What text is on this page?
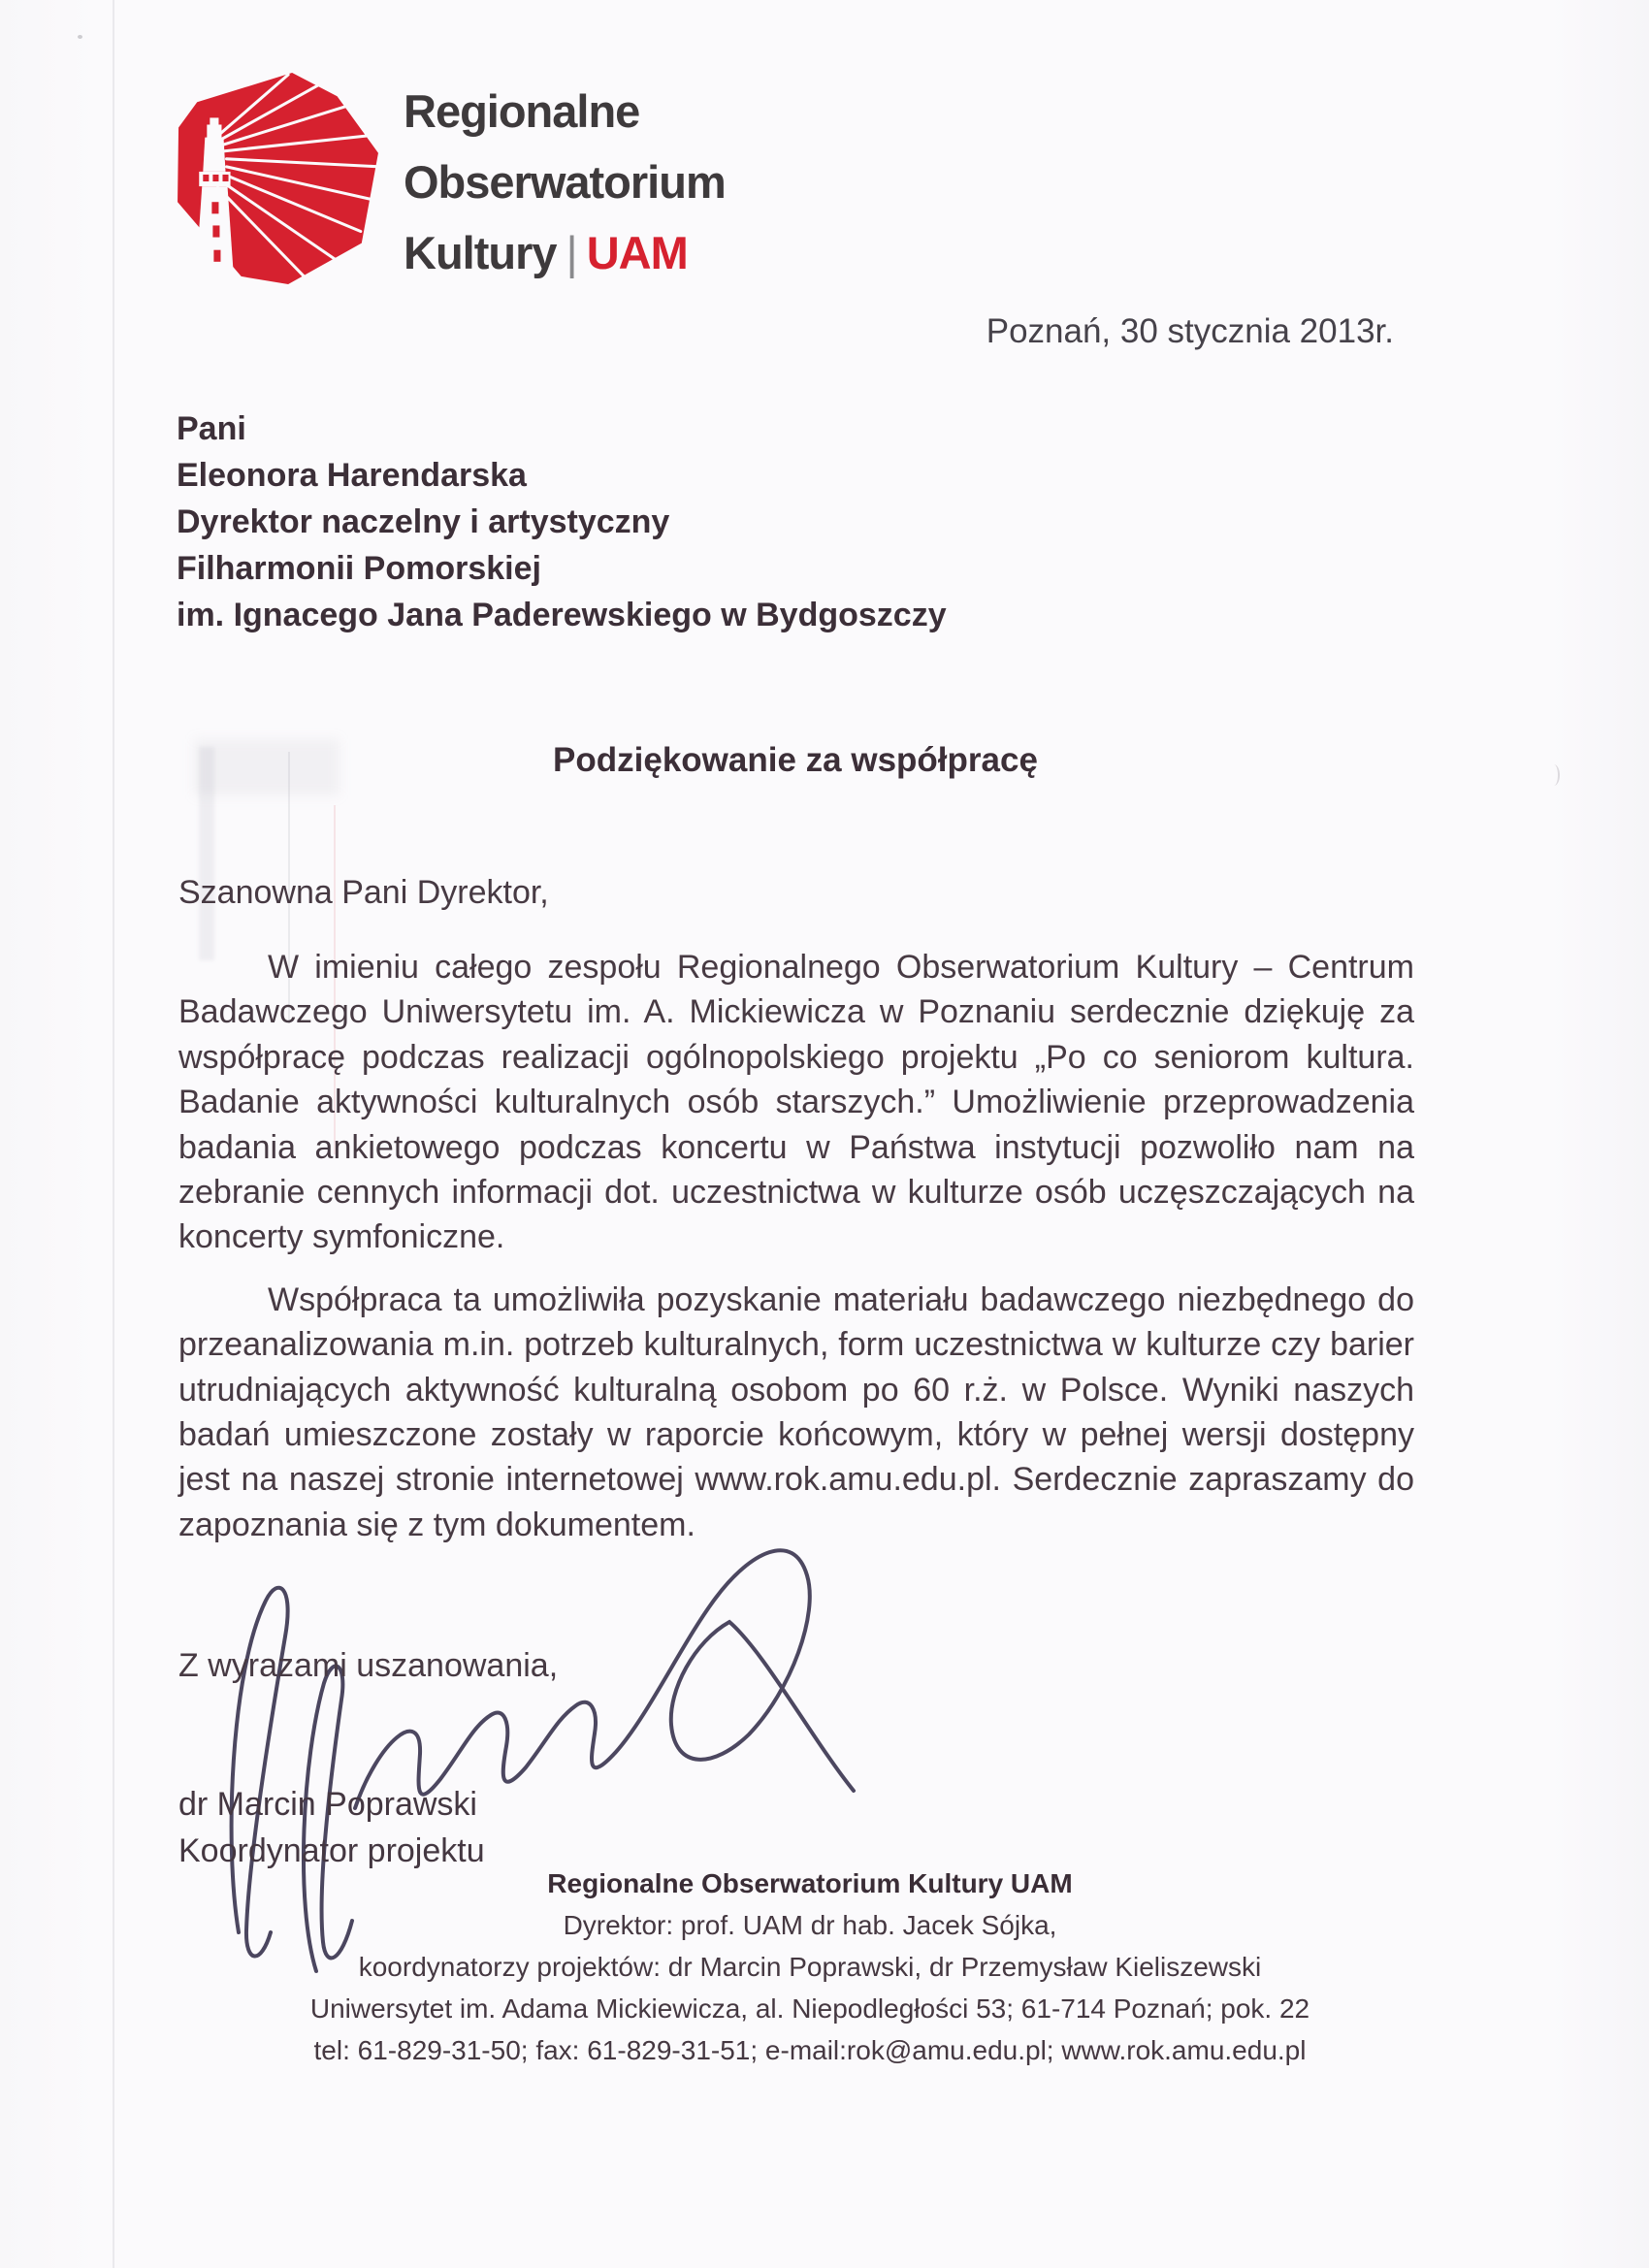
Regionalne
Obserwatorium
Kultury | UAM
Poznań, 30 stycznia 2013r.
Pani
Eleonora Harendarska
Dyrektor naczelny i artystyczny
Filharmonii Pomorskiej
im. Ignacego Jana Paderewskiego w Bydgoszczy
Podziękowanie za współpracę
Szanowna Pani Dyrektor,

W imieniu całego zespołu Regionalnego Obserwatorium Kultury – Centrum Badawczego Uniwersytetu im. A. Mickiewicza w Poznaniu serdecznie dziękuję za współpracę podczas realizacji ogólnopolskiego projektu „Po co seniorom kultura. Badanie aktywności kulturalnych osób starszych.” Umożliwienie przeprowadzenia badania ankietowego podczas koncertu w Państwa instytucji pozwoliło nam na zebranie cennych informacji dot. uczestnictwa w kulturze osób uczęszczających na koncerty symfoniczne.

Współpraca ta umożliwiła pozyskanie materiału badawczego niezbędnego do przeanalizowania m.in. potrzeb kulturalnych, form uczestnictwa w kulturze czy barier utrudniających aktywność kulturalną osobom po 60 r.ż. w Polsce. Wyniki naszych badań umieszczone zostały w raporcie końcowym, który w pełnej wersji dostępny jest na naszej stronie internetowej www.rok.amu.edu.pl. Serdecznie zapraszamy do zapoznania się z tym dokumentem.

Z wyrazami uszanowania,
dr Marcin Poprawski
Koordynator projektu
Regionalne Obserwatorium Kultury UAM
Dyrektor: prof. UAM dr hab. Jacek Sójka,
koordynatorzy projektów: dr Marcin Poprawski, dr Przemysław Kieliszewski
Uniwersytet im. Adama Mickiewicza, al. Niepodległości 53; 61-714 Poznań; pok. 22
tel: 61-829-31-50; fax: 61-829-31-51; e-mail:rok@amu.edu.pl; www.rok.amu.edu.pl
